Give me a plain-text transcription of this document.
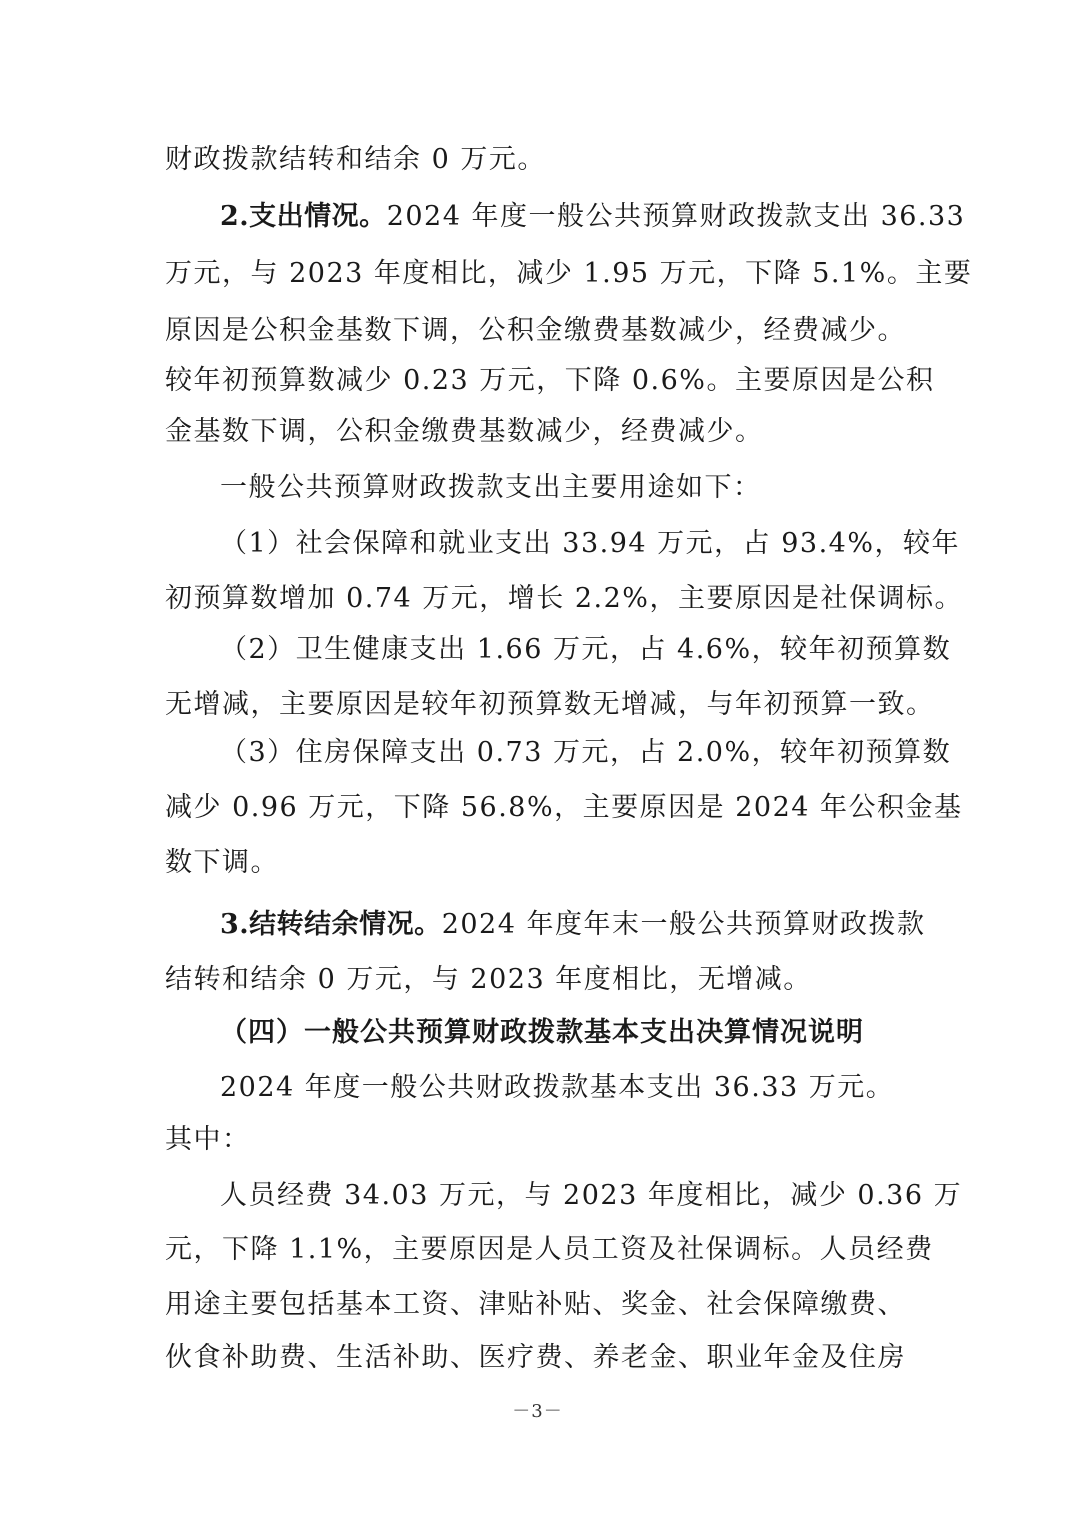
财政拨款结转和结余 0 万元。
2.支出情况。2024 年度一般公共预算财政拨款支出 36.33
万元，与 2023 年度相比，减少 1.95 万元，下降 5.1%。主要
原因是公积金基数下调，公积金缴费基数减少，经费减少。
较年初预算数减少 0.23 万元，下降 0.6%。主要原因是公积
金基数下调，公积金缴费基数减少，经费减少。
一般公共预算财政拨款支出主要用途如下：
（1）社会保障和就业支出 33.94 万元，占 93.4%，较年
初预算数增加 0.74 万元，增长 2.2%，主要原因是社保调标。
（2）卫生健康支出 1.66 万元，占 4.6%，较年初预算数
无增减，主要原因是较年初预算数无增减，与年初预算一致。
（3）住房保障支出 0.73 万元，占 2.0%，较年初预算数
减少 0.96 万元，下降 56.8%，主要原因是 2024 年公积金基
数下调。
3.结转结余情况。2024 年度年末一般公共预算财政拨款
结转和结余 0 万元，与 2023 年度相比，无增减。
（四）一般公共预算财政拨款基本支出决算情况说明
2024 年度一般公共财政拨款基本支出 36.33 万元。
其中：
人员经费 34.03 万元，与 2023 年度相比，减少 0.36 万
元，下降 1.1%，主要原因是人员工资及社保调标。人员经费
用途主要包括基本工资、津贴补贴、奖金、社会保障缴费、
伙食补助费、生活补助、医疗费、养老金、职业年金及住房
－3－
